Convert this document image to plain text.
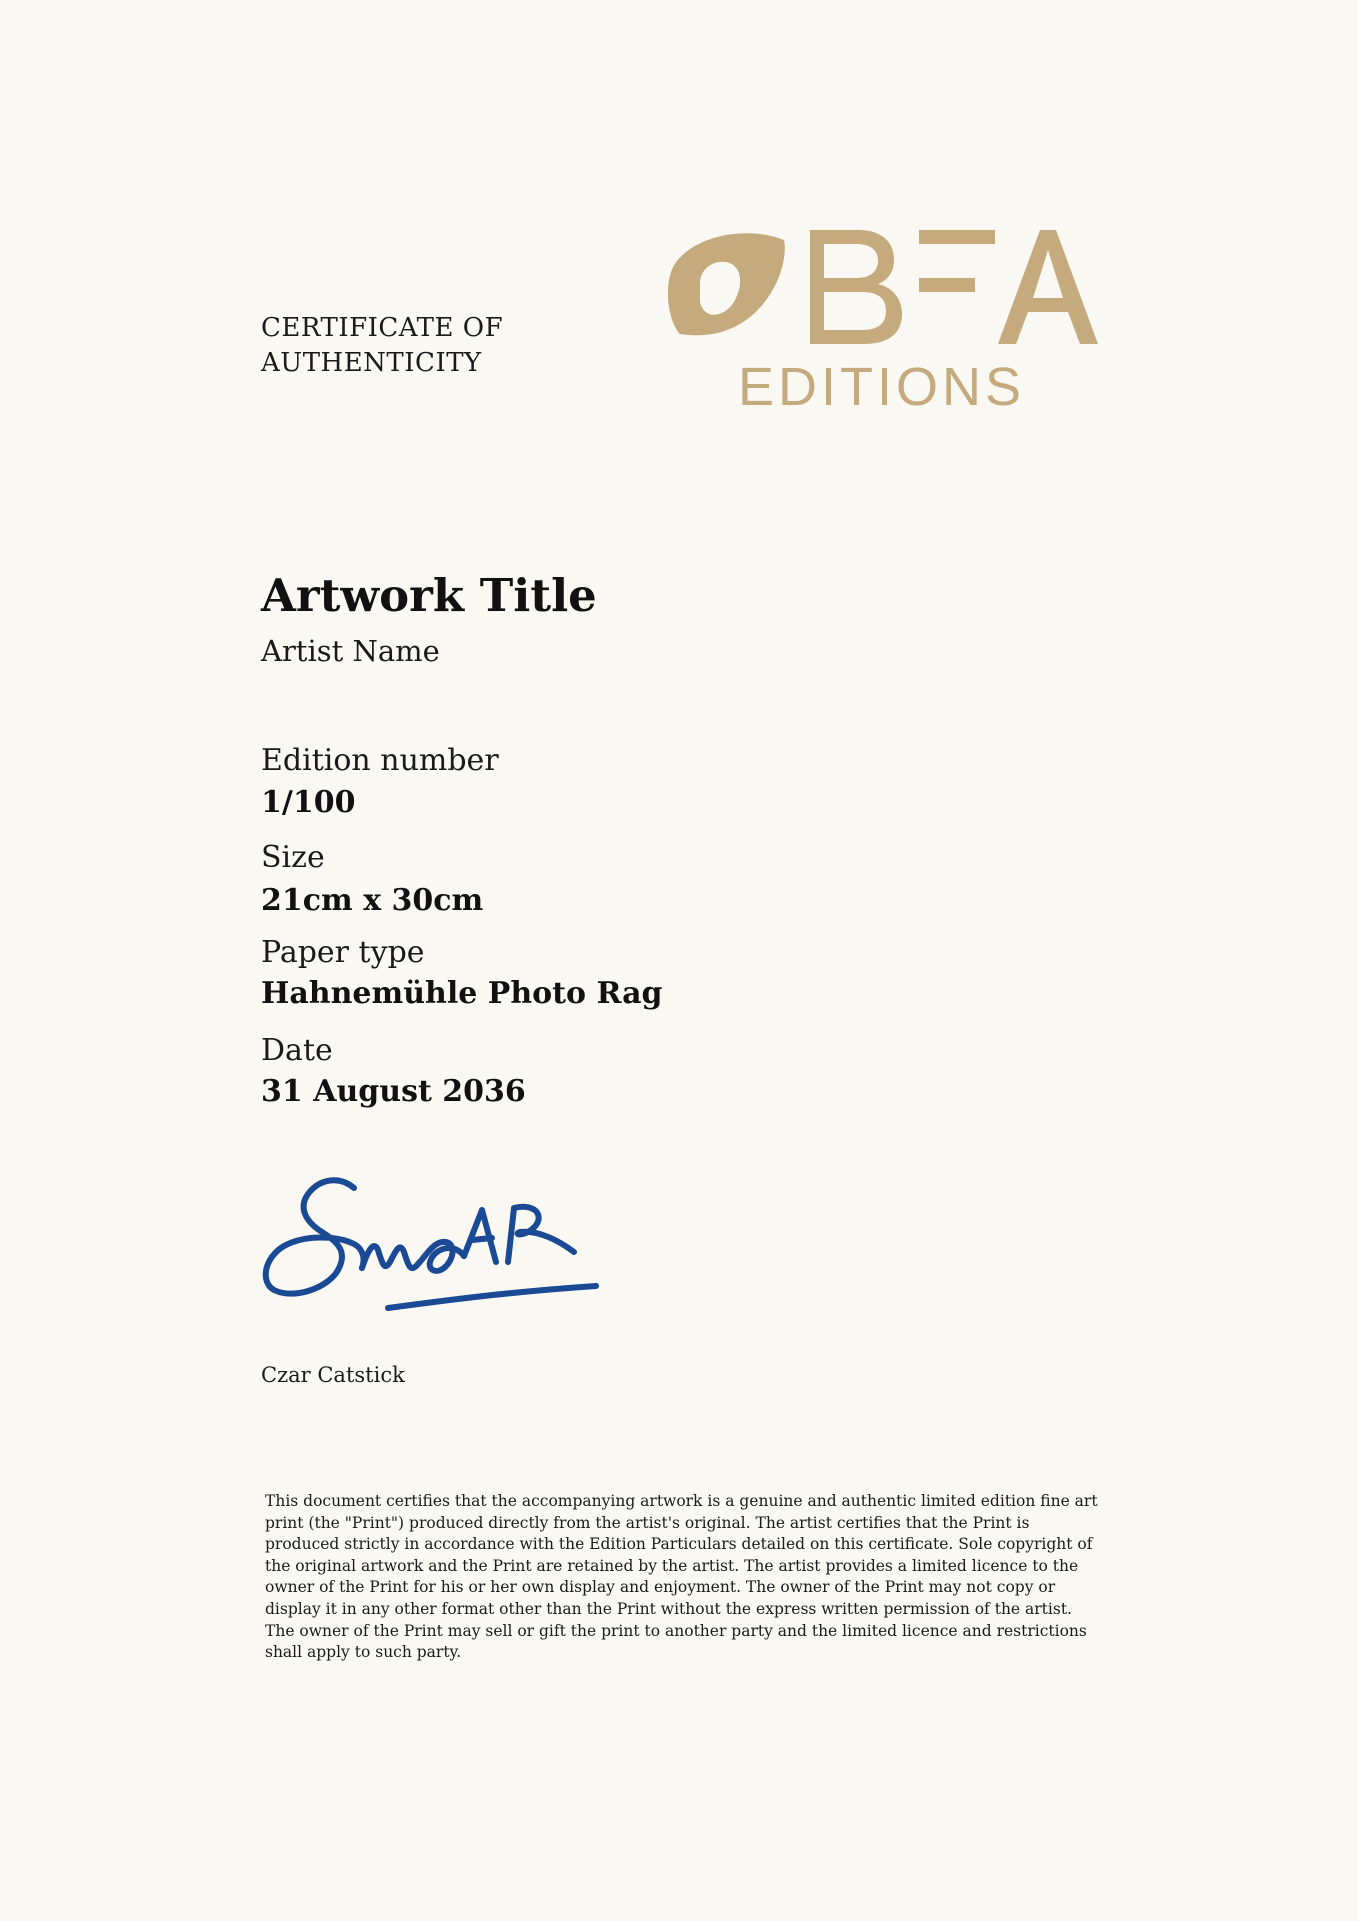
CERTIFICATE OF
AUTHENTICITY	EDITIONS
Artwork Title
Artist Name
Edition number
1/100
Size
21cm x 30cm
Paper type
Hahnemühle Photo Rag
Date
31 August 2036
Czar Catstick

This document certifies that the accompanying artwork is a genuine and authentic limited edition fine art print (the "Print") produced directly from the artist's original. The artist certifies that the Print is produced strictly in accordance with the Edition Particulars detailed on this certificate. Sole copyright of the original artwork and the Print are retained by the artist. The artist provides a limited licence to the owner of the Print for his or her own display and enjoyment. The owner of the Print may not copy or display it in any other format other than the Print without the express written permission of the artist. The owner of the Print may sell or gift the print to another party and the limited licence and restrictions shall apply to such party.
